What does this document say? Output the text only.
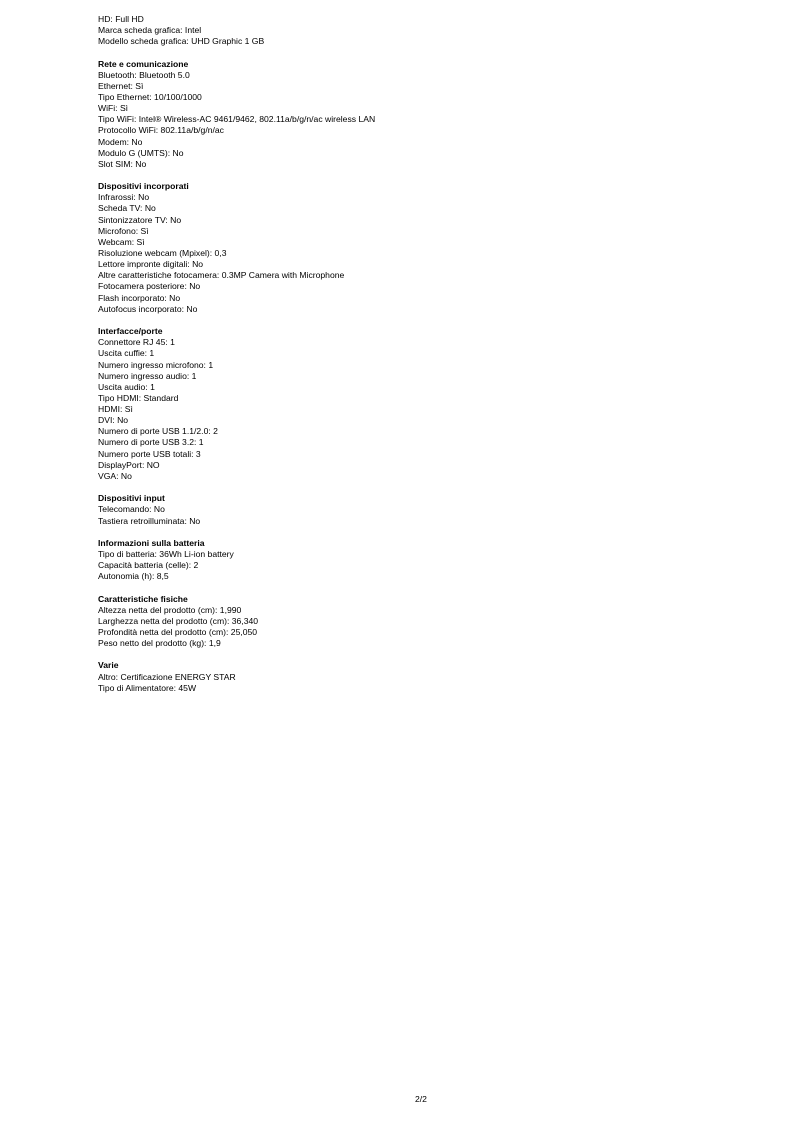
HD: Full HD
Marca scheda grafica: Intel
Modello scheda grafica: UHD Graphic 1 GB
Rete e comunicazione
Bluetooth: Bluetooth 5.0
Ethernet: Sì
Tipo Ethernet: 10/100/1000
WiFi: Sì
Tipo WiFi: Intel® Wireless-AC 9461/9462, 802.11a/b/g/n/ac wireless LAN
Protocollo WiFi: 802.11a/b/g/n/ac
Modem: No
Modulo G (UMTS): No
Slot SIM: No
Dispositivi incorporati
Infrarossi: No
Scheda TV: No
Sintonizzatore TV: No
Microfono: Sì
Webcam: Sì
Risoluzione webcam (Mpixel): 0,3
Lettore impronte digitali: No
Altre caratteristiche fotocamera: 0.3MP Camera with Microphone
Fotocamera posteriore: No
Flash incorporato: No
Autofocus incorporato: No
Interfacce/porte
Connettore RJ 45: 1
Uscita cuffie: 1
Numero ingresso microfono: 1
Numero ingresso audio: 1
Uscita audio: 1
Tipo HDMI: Standard
HDMI: Sì
DVI: No
Numero di porte USB 1.1/2.0: 2
Numero di porte USB 3.2: 1
Numero porte USB totali: 3
DisplayPort: NO
VGA: No
Dispositivi input
Telecomando: No
Tastiera retroilluminata: No
Informazioni sulla batteria
Tipo di batteria: 36Wh Li-ion battery
Capacità batteria (celle): 2
Autonomia (h): 8,5
Caratteristiche fisiche
Altezza netta del prodotto (cm): 1,990
Larghezza netta del prodotto (cm): 36,340
Profondità netta del prodotto (cm): 25,050
Peso netto del prodotto (kg): 1,9
Varie
Altro: Certificazione ENERGY STAR
Tipo di Alimentatore: 45W
2/2
